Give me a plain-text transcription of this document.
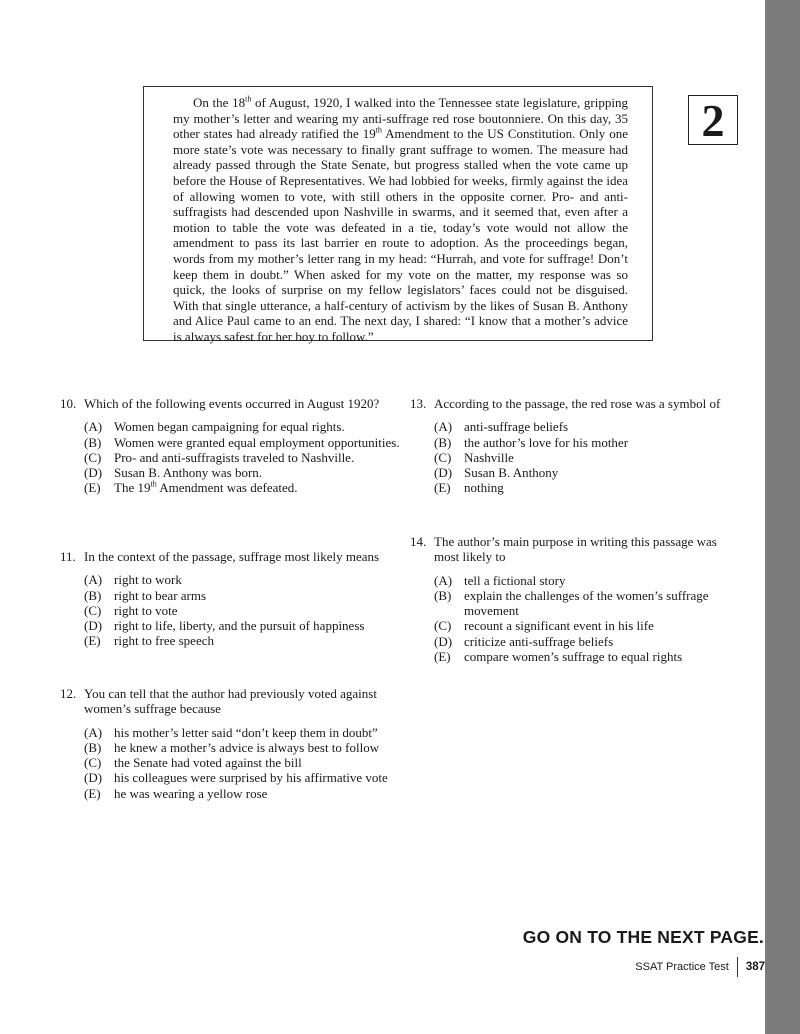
On the 18th of August, 1920, I walked into the Tennessee state legislature, gripping my mother’s letter and wearing my anti-suffrage red rose boutonniere. On this day, 35 other states had already ratified the 19th Amendment to the US Constitution. Only one more state’s vote was necessary to finally grant suffrage to women. The measure had already passed through the State Senate, but progress stalled when the vote came up before the House of Representatives. We had lobbied for weeks, firmly against the idea of allowing women to vote, with still others in the opposite corner. Pro- and anti-suffragists had descended upon Nashville in swarms, and it seemed that, even after a motion to table the vote was defeated in a tie, today’s vote would not allow the amendment to pass its last barrier en route to adoption. As the proceedings began, words from my mother’s letter rang in my head: “Hurrah, and vote for suffrage! Don’t keep them in doubt.” When asked for my vote on the matter, my response was so quick, the looks of surprise on my fellow legislators’ faces could not be disguised. With that single utterance, a half-century of activism by the likes of Susan B. Anthony and Alice Paul came to an end. The next day, I shared: “I know that a mother’s advice is always safest for her boy to follow.”

2
10. Which of the following events occurred in August 1920?
(A) Women began campaigning for equal rights.
(B) Women were granted equal employment opportunities.
(C) Pro- and anti-suffragists traveled to Nashville.
(D) Susan B. Anthony was born.
(E)	The 19th Amendment was defeated.
11. In the context of the passage, suffrage most likely means
(A) right to work
(B) right to bear arms
(C) right to vote
(D) right to life, liberty, and the pursuit of happiness
(E)	right to free speech
12. You can tell that the author had previously voted against women’s suffrage because
(A) his mother’s letter said “don’t keep them in doubt”
(B) he knew a mother’s advice is always best to follow
(C) the Senate had voted against the bill
(D) his colleagues were surprised by his affirmative vote
(E)	he was wearing a yellow rose
13. According to the passage, the red rose was a symbol of
(A) anti-suffrage beliefs
(B) the author’s love for his mother
(C) Nashville
(D) Susan B. Anthony
(E)	nothing
14. The author’s main purpose in writing this passage was most likely to
(A) tell a fictional story
(B) explain the challenges of the women’s suffrage movement
(C) recount a significant event in his life
(D) criticize anti-suffrage beliefs
(E)	compare women’s suffrage to equal rights
GO ON TO THE NEXT PAGE.
SSAT Practice Test 387
